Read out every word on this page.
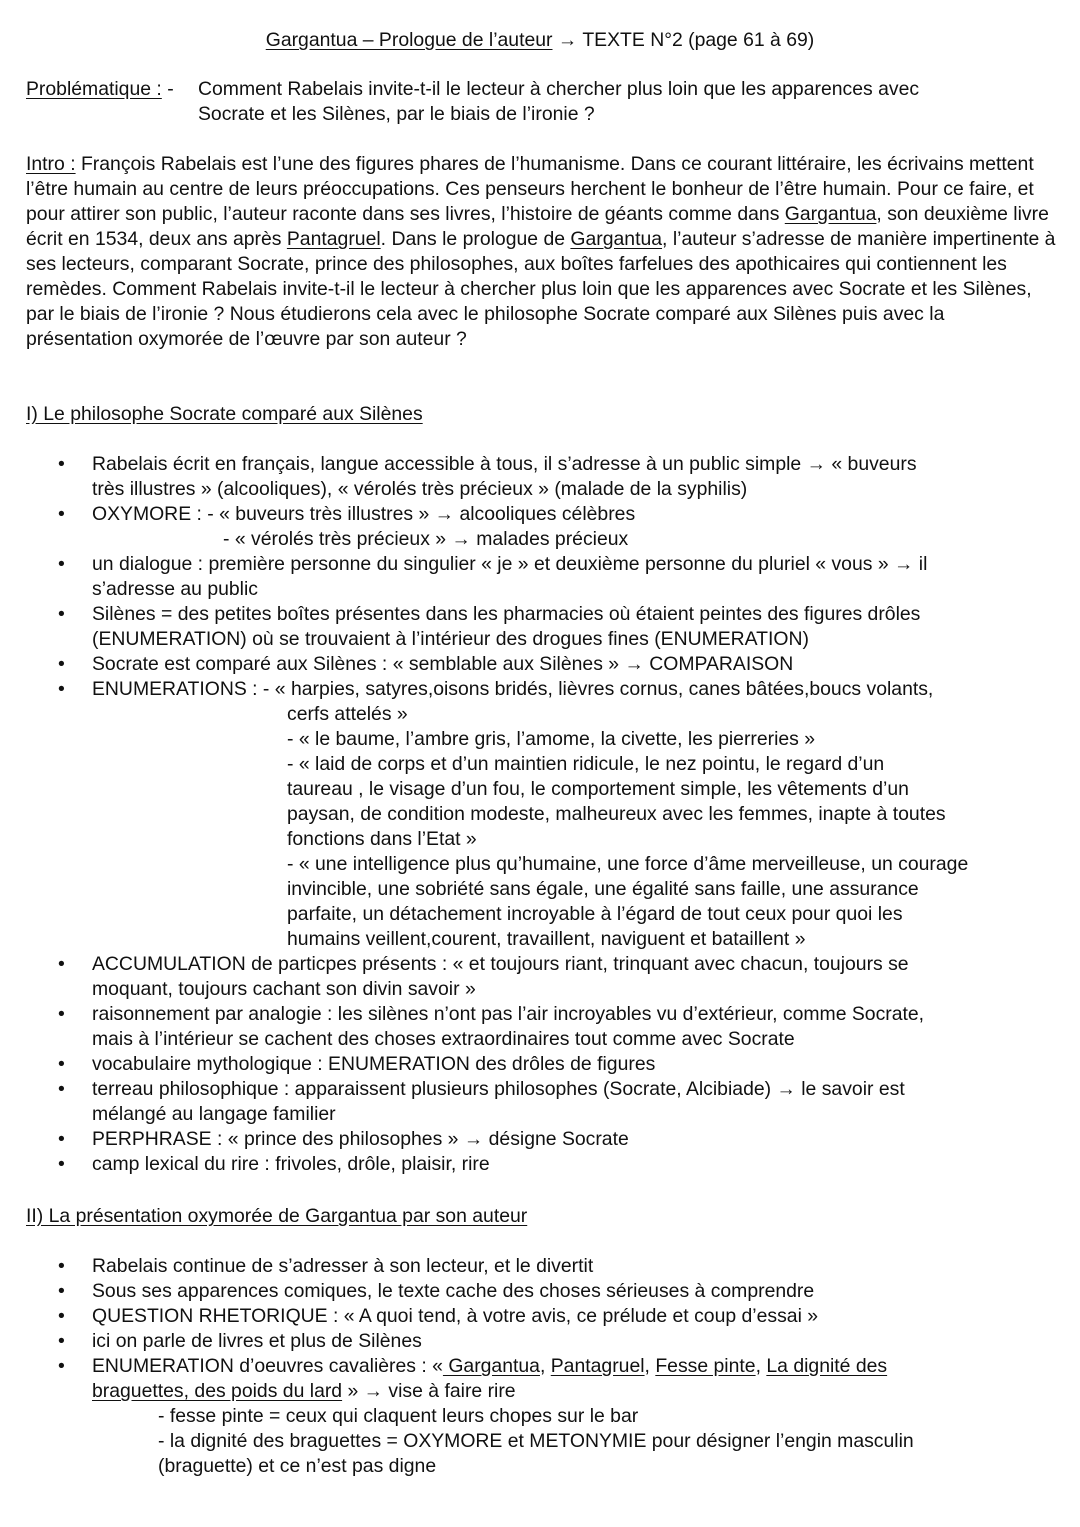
Gargantua – Prologue de l’auteur → TEXTE N°2 (page 61 à 69)
Problématique : - Comment Rabelais invite-t-il le lecteur à chercher plus loin que les apparences avec
Socrate et les Silènes, par le biais de l’ironie ?

Intro : François Rabelais est l’une des figures phares de l’humanisme. Dans ce courant littéraire, les écrivains mettent l’être humain au centre de leurs préoccupations. Ces penseurs herchent le bonheur de l’être humain. Pour ce faire, et pour attirer son public, l’auteur raconte dans ses livres, l’histoire de géants comme dans Gargantua, son deuxième livre écrit en 1534, deux ans après Pantagruel. Dans le prologue de Gargantua, l’auteur s’adresse de manière impertinente à ses lecteurs, comparant Socrate, prince des philosophes, aux boîtes farfelues des apothicaires qui contiennent les remèdes. Comment Rabelais invite-t-il le lecteur à chercher plus loin que les apparences avec Socrate et les Silènes, par le biais de l’ironie ? Nous étudierons cela avec le philosophe Socrate comparé aux Silènes puis avec la présentation oxymorée de l’œuvre par son auteur ?

I) Le philosophe Socrate comparé aux Silènes
• Rabelais écrit en français, langue accessible à tous, il s’adresse à un public simple → « buveurs
très illustres » (alcooliques), « vérolés très précieux » (malade de la syphilis)
• OXYMORE : - « buveurs très illustres » → alcooliques célèbres
- « vérolés très précieux » → malades précieux
• un dialogue : première personne du singulier « je » et deuxième personne du pluriel « vous » → il
s’adresse au public
• Silènes = des petites boîtes présentes dans les pharmacies où étaient peintes des figures drôles
(ENUMERATION) où se trouvaient à l’intérieur des drogues fines (ENUMERATION)
• Socrate est comparé aux Silènes : « semblable aux Silènes » → COMPARAISON
• ENUMERATIONS : - « harpies, satyres,oisons bridés, lièvres cornus, canes bâtées,boucs volants,
cerfs attelés »
- « le baume, l’ambre gris, l’amome, la civette, les pierreries »
- « laid de corps et d’un maintien ridicule, le nez pointu, le regard d’un
taureau , le visage d’un fou, le comportement simple, les vêtements d’un
paysan, de condition modeste, malheureux avec les femmes, inapte à toutes
fonctions dans l’Etat »
- « une intelligence plus qu’humaine, une force d’âme merveilleuse, un courage
invincible, une sobriété sans égale, une égalité sans faille, une assurance
parfaite, un détachement incroyable à l’égard de tout ceux pour quoi les
humains veillent,courent, travaillent, naviguent et bataillent »
• ACCUMULATION de particpes présents : « et toujours riant, trinquant avec chacun, toujours se
moquant, toujours cachant son divin savoir »
• raisonnement par analogie : les silènes n’ont pas l’air incroyables vu d’extérieur, comme Socrate,
mais à l’intérieur se cachent des choses extraordinaires tout comme avec Socrate
• vocabulaire mythologique : ENUMERATION des drôles de figures
• terreau philosophique : apparaissent plusieurs philosophes (Socrate, Alcibiade) → le savoir est
mélangé au langage familier
• PERPHRASE : « prince des philosophes » → désigne Socrate
• camp lexical du rire : frivoles, drôle, plaisir, rire
II) La présentation oxymorée de Gargantua par son auteur
• Rabelais continue de s’adresser à son lecteur, et le divertit
• Sous ses apparences comiques, le texte cache des choses sérieuses à comprendre
• QUESTION RHETORIQUE : « A quoi tend, à votre avis, ce prélude et coup d’essai »
• ici on parle de livres et plus de Silènes
• ENUMERATION d’oeuvres cavalières : « Gargantua, Pantagruel, Fesse pinte, La dignité des
braguettes, des poids du lard » → vise à faire rire
- fesse pinte = ceux qui claquent leurs chopes sur le bar
- la dignité des braguettes = OXYMORE et METONYMIE pour désigner l’engin masculin
(braguette) et ce n’est pas digne
